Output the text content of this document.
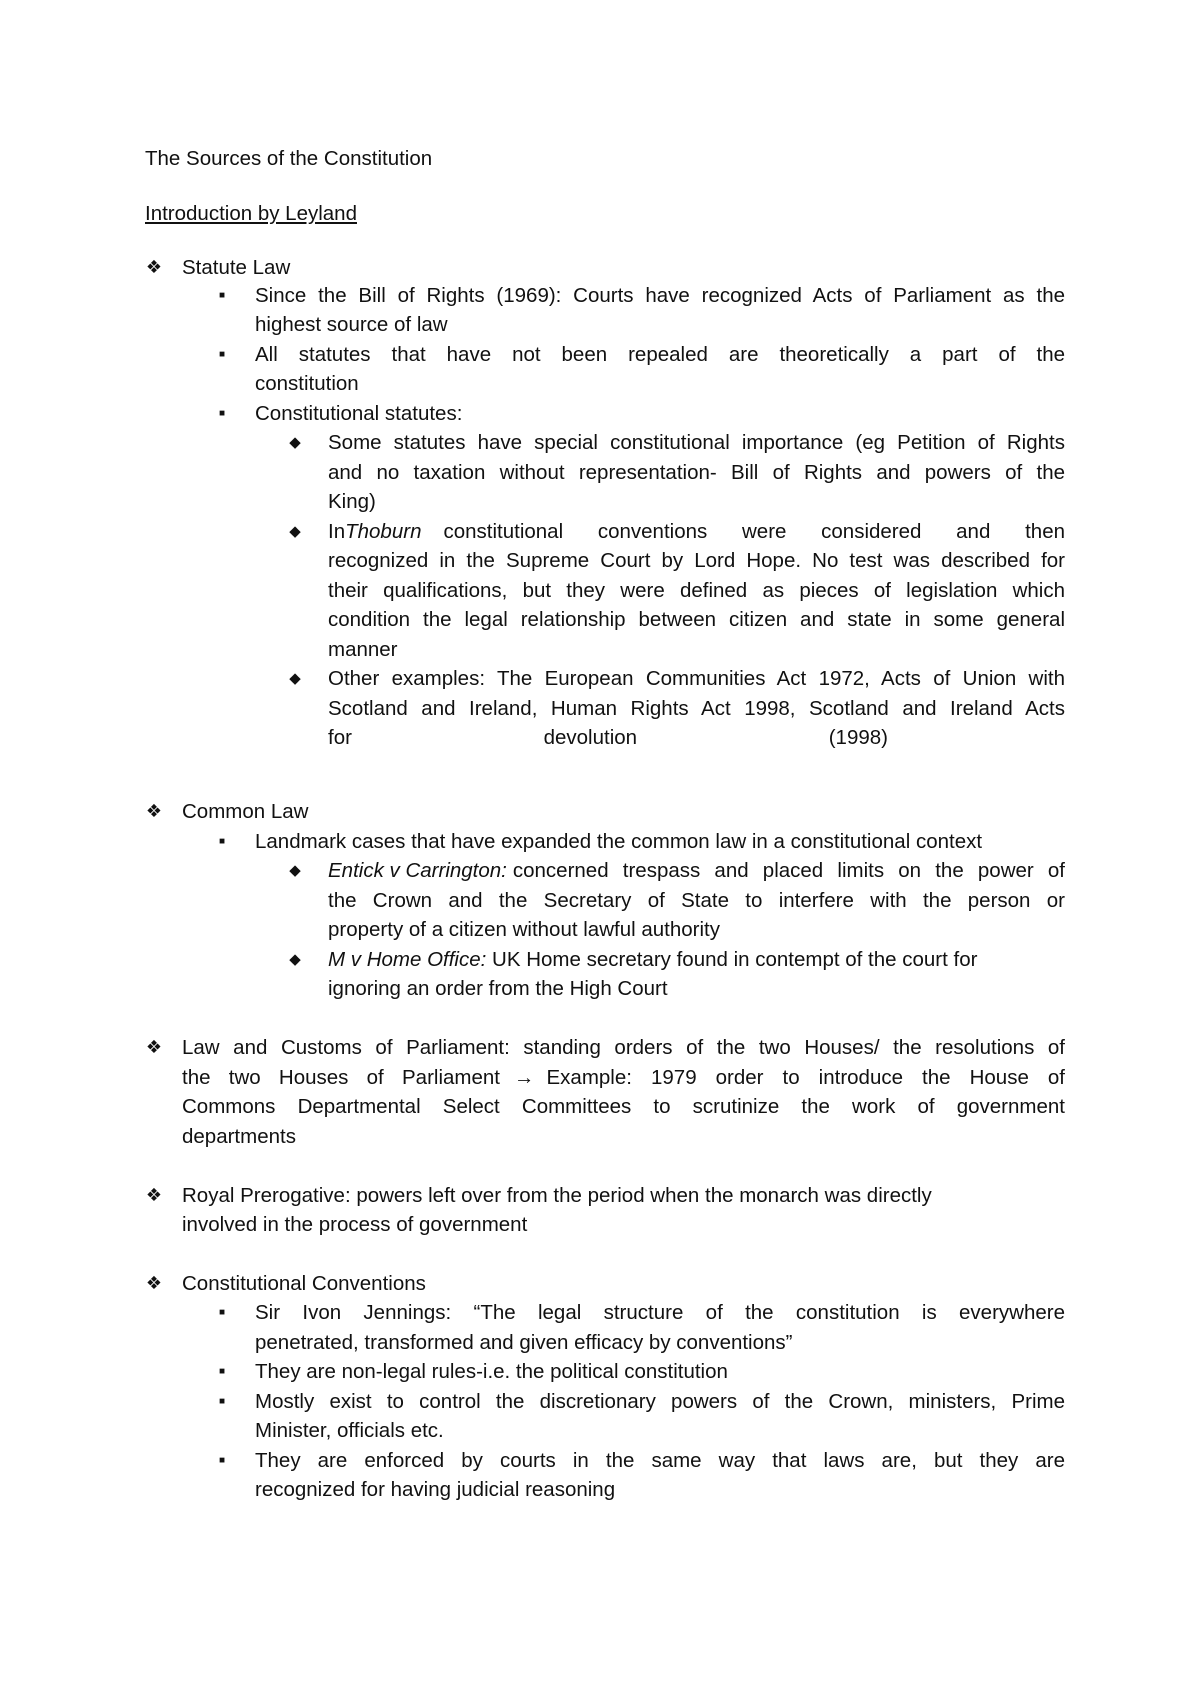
The Sources of the Constitution
Introduction by Leyland
❖ Statute Law
■	Since the Bill of Rights (1969): Courts have recognized Acts of Parliament as the
highest source of law
■	All statutes that have not been repealed are theoretically a part of the
constitution
■	Constitutional statutes:
◆ Some statutes have special constitutional importance (eg Petition of Rights
and no taxation without representation- Bill of Rights and powers of the
King)
◆ In Thoburn constitutional conventions were considered and then
recognized in the Supreme Court by Lord Hope. No test was described for
their qualifications, but they were defined as pieces of legislation which
condition the legal relationship between citizen and state in some general
manner
◆ Other examples: The European Communities Act 1972, Acts of Union with
Scotland and Ireland, Human Rights Act 1998, Scotland and Ireland Acts
for devolution (1998)
❖ Common Law
■	Landmark cases that have expanded the common law in a constitutional context
◆ Entick v Carrington: concerned trespass and placed limits on the power of
the Crown and the Secretary of State to interfere with the person or
property of a citizen without lawful authority
◆ M v Home Office: UK Home secretary found in contempt of the court for
ignoring an order from the High Court
❖ Law and Customs of Parliament: standing orders of the two Houses/ the resolutions of
the two Houses of Parliament → Example: 1979 order to introduce the House of
Commons Departmental Select Committees to scrutinize the work of government
departments
❖ Royal Prerogative: powers left over from the period when the monarch was directly
involved in the process of government
❖ Constitutional Conventions
■	Sir Ivon Jennings: “The legal structure of the constitution is everywhere
penetrated, transformed and given efficacy by conventions”
■	They are non-legal rules-i.e. the political constitution
■	Mostly exist to control the discretionary powers of the Crown, ministers, Prime
Minister, officials etc.
■	They are enforced by courts in the same way that laws are, but they are
recognized for having judicial reasoning
